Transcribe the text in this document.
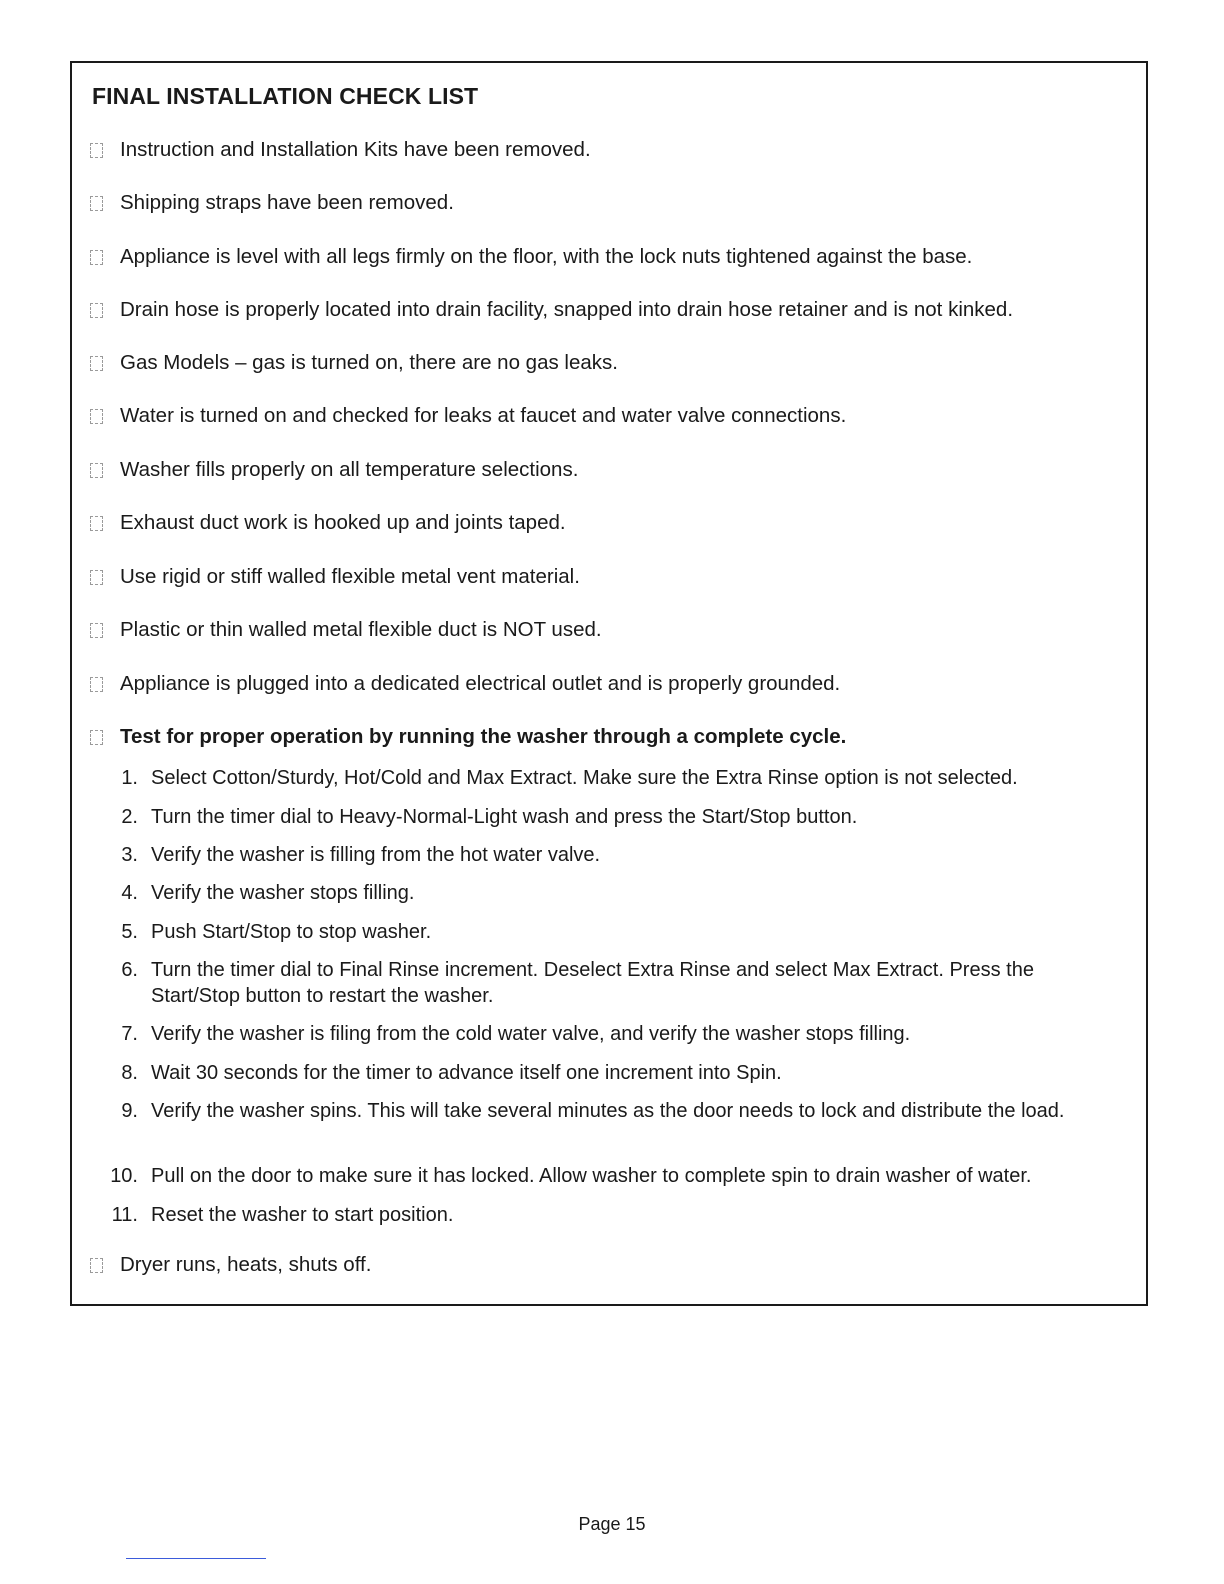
FINAL INSTALLATION CHECK LIST
Instruction and Installation Kits have been removed.
Shipping straps have been removed.
Appliance is level with all legs firmly on the floor, with the lock nuts tightened against the base.
Drain hose is properly located into drain facility, snapped into drain hose retainer and is not kinked.
Gas Models – gas is turned on, there are no gas leaks.
Water is turned on and checked for leaks at faucet and water valve connections.
Washer fills properly on all temperature selections.
Exhaust duct work is hooked up and joints taped.
Use rigid or stiff walled flexible metal vent material.
Plastic or thin walled metal flexible duct is NOT used.
Appliance is plugged into a dedicated electrical outlet and is properly grounded.
Test for proper operation by running the washer through a complete cycle.
1. Select Cotton/Sturdy, Hot/Cold and Max Extract. Make sure the Extra Rinse option is not selected.
2. Turn the timer dial to Heavy-Normal-Light wash and press the Start/Stop button.
3. Verify the washer is filling from the hot water valve.
4. Verify the washer stops filling.
5. Push Start/Stop to stop washer.
6. Turn the timer dial to Final Rinse increment. Deselect Extra Rinse and select Max Extract. Press the Start/Stop button to restart the washer.
7. Verify the washer is filing from the cold water valve, and verify the washer stops filling.
8. Wait 30 seconds for the timer to advance itself one increment into Spin.
9. Verify the washer spins. This will take several minutes as the door needs to lock and distribute the load.
10. Pull on the door to make sure it has locked. Allow washer to complete spin to drain washer of water.
11. Reset the washer to start position.
Dryer runs, heats, shuts off.
Page 15
